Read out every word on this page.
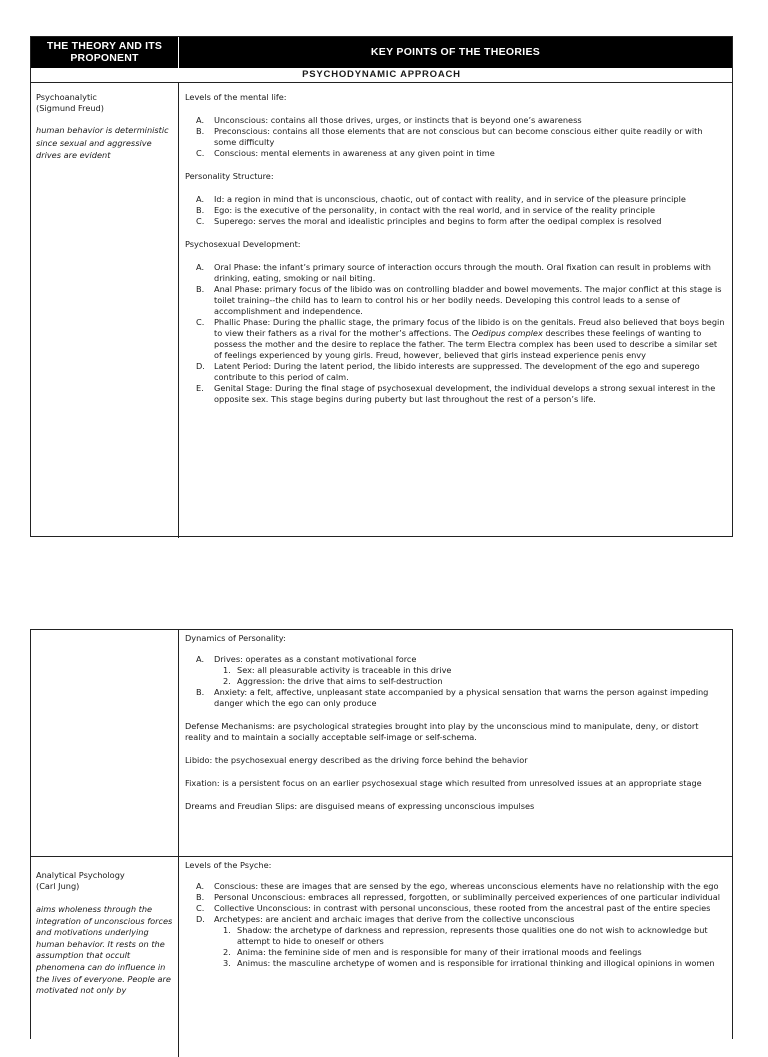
THE THEORY AND ITS
PROPONENT	KEY POINTS OF THE THEORIES
PSYCHODYNAMIC APPROACH

Psychoanalytic

(Sigmund Freud)

human behavior is deterministic since sexual and aggressive drives are evident

Levels of the mental life:

A. Unconscious: contains all those drives, urges, or instincts that is beyond one’s awareness
B. Preconscious: contains all those elements that are not conscious but can become conscious either quite readily or with some difficulty
C. Conscious: mental elements in awareness at any given point in time

Personality Structure:

A. Id: a region in mind that is unconscious, chaotic, out of contact with reality, and in service of the pleasure principle
B. Ego: is the executive of the personality, in contact with the real world, and in service of the reality principle
C. Superego: serves the moral and idealistic principles and begins to form after the oedipal complex is resolved

Psychosexual Development:

A. Oral Phase: the infant’s primary source of interaction occurs through the mouth. Oral fixation can result in problems with drinking, eating, smoking or nail biting.
B. Anal Phase: primary focus of the libido was on controlling bladder and bowel movements. The major conflict at this stage is toilet training--the child has to learn to control his or her bodily needs. Developing this control leads to a sense of accomplishment and independence.
C. Phallic Phase: During the phallic stage, the primary focus of the libido is on the genitals. Freud also believed that boys begin to view their fathers as a rival for the mother’s affections. The Oedipus complex describes these feelings of wanting to possess the mother and the desire to replace the father. The term Electra complex has been used to describe a similar set of feelings experienced by young girls. Freud, however, believed that girls instead experience penis envy
D. Latent Period: During the latent period, the libido interests are suppressed. The development of the ego and superego contribute to this period of calm.
E. Genital Stage: During the final stage of psychosexual development, the individual develops a strong sexual interest in the opposite sex. This stage begins during puberty but last throughout the rest of a person’s life.

Dynamics of Personality:

A. Drives: operates as a constant motivational force
1. Sex: all pleasurable activity is traceable in this drive
2. Aggression: the drive that aims to self-destruction
B. Anxiety: a felt, affective, unpleasant state accompanied by a physical sensation that warns the person against impeding danger which the ego can only produce

Defense Mechanisms: are psychological strategies brought into play by the unconscious mind to manipulate, deny, or distort reality and to maintain a socially acceptable self-image or self-schema.

Libido: the psychosexual energy described as the driving force behind the behavior

Fixation: is a persistent focus on an earlier psychosexual stage which resulted from unresolved issues at an appropriate stage

Dreams and Freudian Slips: are disguised means of expressing unconscious impulses

Analytical Psychology

(Carl Jung)

aims wholeness through the integration of unconscious forces and motivations underlying human behavior. It rests on the assumption that occult phenomena can do influence in the lives of everyone. People are motivated not only by

Levels of the Psyche:

A. Conscious: these are images that are sensed by the ego, whereas unconscious elements have no relationship with the ego
B. Personal Unconscious: embraces all repressed, forgotten, or subliminally perceived experiences of one particular individual
C. Collective Unconscious: in contrast with personal unconscious, these rooted from the ancestral past of the entire species
D. Archetypes: are ancient and archaic images that derive from the collective unconscious
1. Shadow: the archetype of darkness and repression, represents those qualities one do not wish to acknowledge but attempt to hide to oneself or others
2. Anima: the feminine side of men and is responsible for many of their irrational moods and feelings
3. Animus: the masculine archetype of women and is responsible for irrational thinking and illogical opinions in women
